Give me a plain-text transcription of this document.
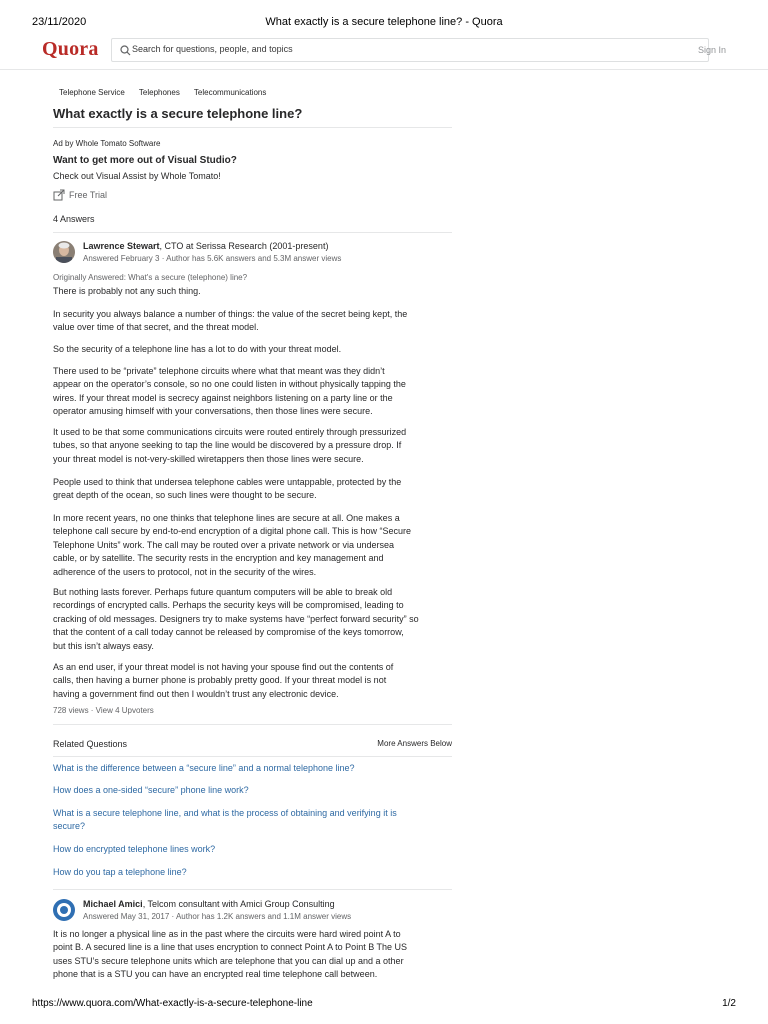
23/11/2020	What exactly is a secure telephone line? - Quora
Quora	Search for questions, people, and topics	Sign In
Telephone Service Telephones Telecommunications
What exactly is a secure telephone line?
Ad by Whole Tomato Software
Want to get more out of Visual Studio?
Check out Visual Assist by Whole Tomato!
Free Trial
4 Answers
Lawrence Stewart, CTO at Serissa Research (2001-present)
Answered February 3 · Author has 5.6K answers and 5.3M answer views
Originally Answered: What's a secure (telephone) line?
There is probably not any such thing.
In security you always balance a number of things: the value of the secret being kept, the
value over time of that secret, and the threat model.
So the security of a telephone line has a lot to do with your threat model.
There used to be “private” telephone circuits where what that meant was they didn’t
appear on the operator’s console, so no one could listen in without physically tapping the
wires. If your threat model is secrecy against neighbors listening on a party line or the
operator amusing himself with your conversations, then those lines were secure.
It used to be that some communications circuits were routed entirely through pressurized
tubes, so that anyone seeking to tap the line would be discovered by a pressure drop. If
your threat model is not-very-skilled wiretappers then those lines were secure.
People used to think that undersea telephone cables were untappable, protected by the
great depth of the ocean, so such lines were thought to be secure.
In more recent years, no one thinks that telephone lines are secure at all. One makes a
telephone call secure by end-to-end encryption of a digital phone call. This is how “Secure
Telephone Units” work. The call may be routed over a private network or via undersea
cable, or by satellite. The security rests in the encryption and key management and
adherence of the users to protocol, not in the security of the wires.
But nothing lasts forever. Perhaps future quantum computers will be able to break old
recordings of encrypted calls. Perhaps the security keys will be compromised, leading to
cracking of old messages. Designers try to make systems have “perfect forward security” so
that the content of a call today cannot be released by compromise of the keys tomorrow,
but this isn’t always easy.
As an end user, if your threat model is not having your spouse find out the contents of
calls, then having a burner phone is probably pretty good. If your threat model is not
having a government find out then I wouldn’t trust any electronic device.
728 views · View 4 Upvoters
Related Questions	More Answers Below
What is the difference between a “secure line” and a normal telephone line?
How does a one-sided “secure” phone line work?
What is a secure telephone line, and what is the process of obtaining and verifying it is
secure?
How do encrypted telephone lines work?
How do you tap a telephone line?
Michael Amici, Telcom consultant with Amici Group Consulting
Answered May 31, 2017 · Author has 1.2K answers and 1.1M answer views
It is no longer a physical line as in the past where the circuits were hard wired point A to
point B. A secured line is a line that uses encryption to connect Point A to Point B The US
uses STU’s secure telephone units which are telephone that you can dial up and a other
phone that is a STU you can have an encrypted real time telephone call between.
https://www.quora.com/What-exactly-is-a-secure-telephone-line	1/2
